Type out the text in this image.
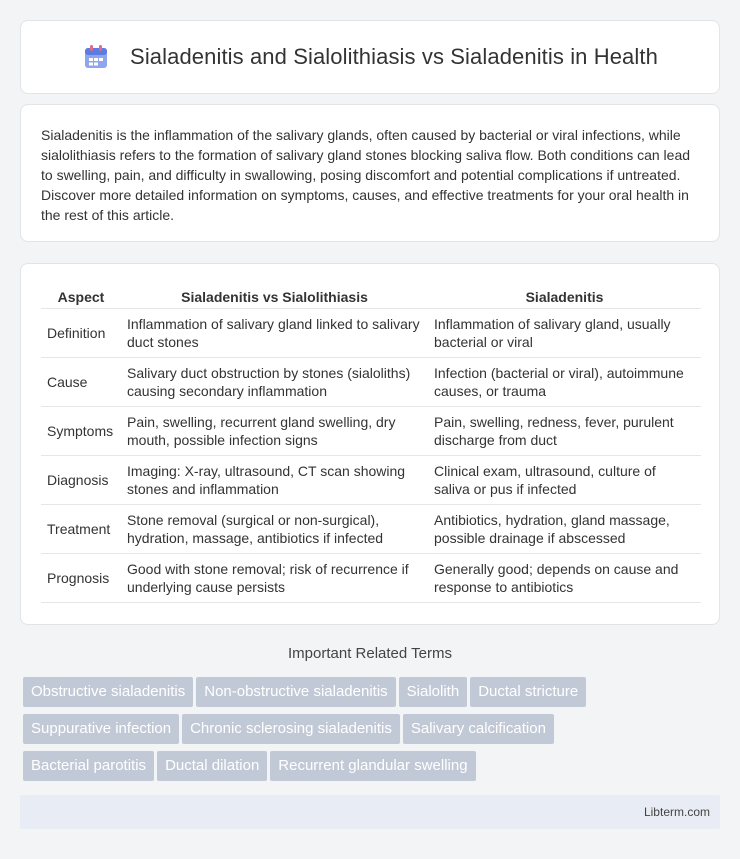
Sialadenitis and Sialolithiasis vs Sialadenitis in Health

Sialadenitis is the inflammation of the salivary glands, often caused by bacterial or viral infections, while sialolithiasis refers to the formation of salivary gland stones blocking saliva flow. Both conditions can lead to swelling, pain, and difficulty in swallowing, posing discomfort and potential complications if untreated. Discover more detailed information on symptoms, causes, and effective treatments for your oral health in the rest of this article.

Aspect	Sialadenitis vs Sialolithiasis	Sialadenitis
Definition	Inflammation of salivary gland linked to salivary duct stones	Inflammation of salivary gland, usually bacterial or viral
Cause	Salivary duct obstruction by stones (sialoliths) causing secondary inflammation	Infection (bacterial or viral), autoimmune causes, or trauma
Symptoms	Pain, swelling, recurrent gland swelling, dry mouth, possible infection signs	Pain, swelling, redness, fever, purulent discharge from duct
Diagnosis	Imaging: X-ray, ultrasound, CT scan showing stones and inflammation	Clinical exam, ultrasound, culture of saliva or pus if infected
Treatment	Stone removal (surgical or non-surgical), hydration, massage, antibiotics if infected	Antibiotics, hydration, gland massage, possible drainage if abscessed
Prognosis	Good with stone removal; risk of recurrence if underlying cause persists	Generally good; depends on cause and response to antibiotics
Important Related Terms
Obstructive sialadenitis Non-obstructive sialadenitis Sialolith Ductal stricture
Suppurative infection Chronic sclerosing sialadenitis Salivary calcification
Bacterial parotitis Ductal dilation Recurrent glandular swelling
Libterm.com
